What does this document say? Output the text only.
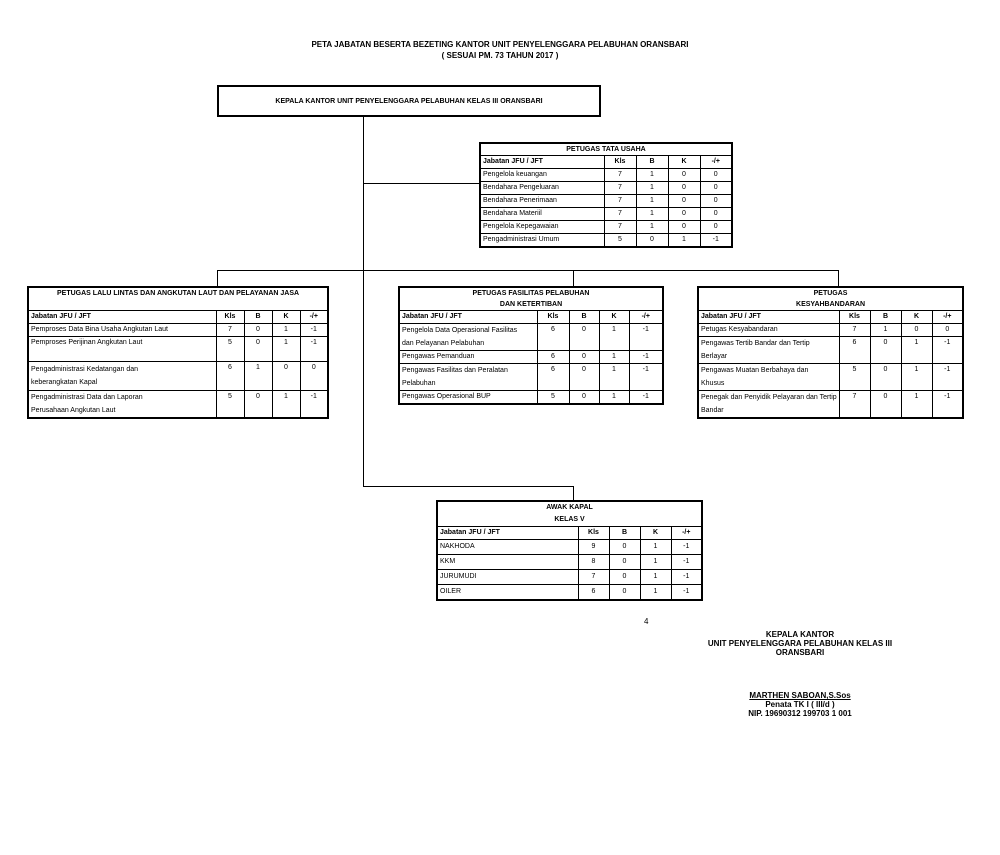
PETA JABATAN BESERTA BEZETING KANTOR UNIT PENYELENGGARA PELABUHAN ORANSBARI
( SESUAI PM. 73 TAHUN 2017 )
KEPALA KANTOR UNIT PENYELENGGARA PELABUHAN KELAS III ORANSBARI
PETUGAS TATA USAHA				
Jabatan JFU / JFT	Kls	B	K	-/+
Pengelola keuangan	7	1	0	0
Bendahara Pengeluaran	7	1	0	0
Bendahara Penerimaan	7	1	0	0
Bendahara Materiil	7	1	0	0
Pengelola Kepegawaian	7	1	0	0
Pengadministrasi Umum	5	0	1	-1
PETUGAS LALU LINTAS DAN ANGKUTAN LAUT DAN PELAYANAN JASA				
Jabatan JFU / JFT	Kls	B	K	-/+
Pemproses Data Bina Usaha Angkutan Laut	7	0	1	-1
Pemproses Perijinan Angkutan Laut	5	0	1	-1

Pengadministrasi Kedatangan dan keberangkatan Kapal	6	1	0	0

Pengadministrasi Data dan Laporan Perusahaan Angkutan Laut	5	0	1	-1
PETUGAS FASILITAS PELABUHAN
DAN KETERTIBAN				
Jabatan JFU / JFT	Kls	B	K	-/+

Pengelola Data Operasional Fasilitas dan Pelayanan Pelabuhan	6	0	1	-1
Pengawas Pemanduan	6	0	1	-1

Pengawas Fasilitas dan Peralatan Pelabuhan	6	0	1	-1
Pengawas Operasional BUP	5	0	1	-1
PETUGAS
KESYAHBANDARAN				
Jabatan JFU / JFT	Kls	B	K	-/+
Petugas Kesyabandaran	7	1	0	0

Pengawas Tertib Bandar dan Tertip Berlayar	6	0	1	-1

Pengawas Muatan Berbahaya dan Khusus	5	0	1	-1

Penegak dan Penyidik Pelayaran dan Tertip Bandar	7	0	1	-1
AWAK KAPAL
KELAS V				
Jabatan JFU / JFT	Kls	B	K	-/+
NAKHODA	9	0	1	-1
KKM	8	0	1	-1
JURUMUDI	7	0	1	-1
OILER	6	0	1	-1
4
KEPALA KANTOR
UNIT PENYELENGGARA PELABUHAN KELAS III
ORANSBARI
MARTHEN SABOAN,S.Sos
Penata TK I ( III/d )
NIP. 19690312 199703 1 001
